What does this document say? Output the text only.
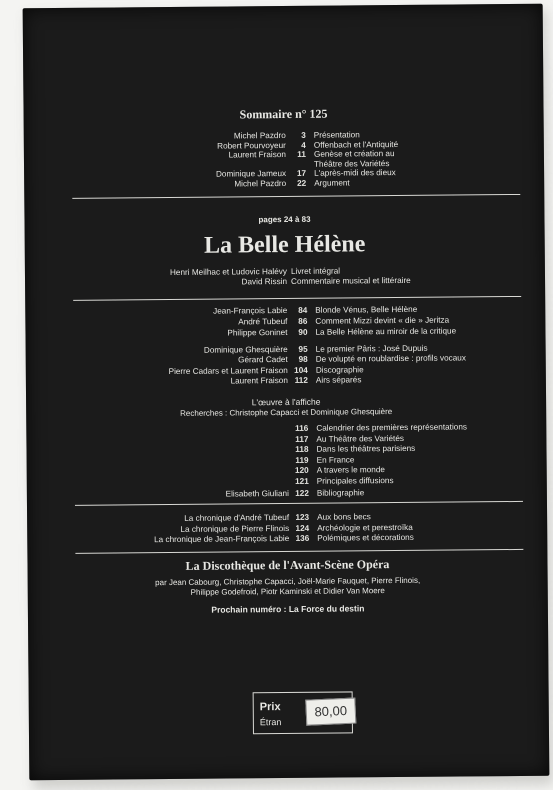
Sommaire n° 125
Michel Pazdro 3 Présentation
Robert Pourvoyeur 4 Offenbach et l'Antiquité
Laurent Fraison 11 Genèse et création au
Théâtre des Variétés
Dominique Jameux 17 L'après-midi des dieux
Michel Pazdro 22 Argument
pages 24 à 83
La Belle Hélène
Henri Meilhac et Ludovic Halévy Livret intégral
David Rissin Commentaire musical et littéraire
Jean-François Labie 84 Blonde Vénus, Belle Hélène
André Tubeuf 86 Comment Mizzi devint « die » Jeritza
Philippe Goninet 90 La Belle Hélène au miroir de la critique
Dominique Ghesquière 95 Le premier Pâris : José Dupuis
Gérard Cadet 98 De volupté en roublardise : profils vocaux
Pierre Cadars et Laurent Fraison 104 Discographie
Laurent Fraison 112 Airs séparés
L'œuvre à l'affiche
Recherches : Christophe Capacci et Dominique Ghesquière
116 Calendrier des premières représentations
117 Au Théâtre des Variétés
118 Dans les théâtres parisiens
119 En France
120 A travers le monde
121 Principales diffusions
Elisabeth Giuliani 122 Bibliographie
La chronique d'André Tubeuf 123 Aux bons becs
La chronique de Pierre Flinois 124 Archéologie et perestroïka
La chronique de Jean-François Labie 136 Polémiques et décorations
La Discothèque de l'Avant-Scène Opéra
par Jean Cabourg, Christophe Capacci, Joël-Marie Fauquet, Pierre Flinois,
Philippe Godefroid, Piotr Kaminski et Didier Van Moere
Prochain numéro : La Force du destin
Prix
Étran
80,00
